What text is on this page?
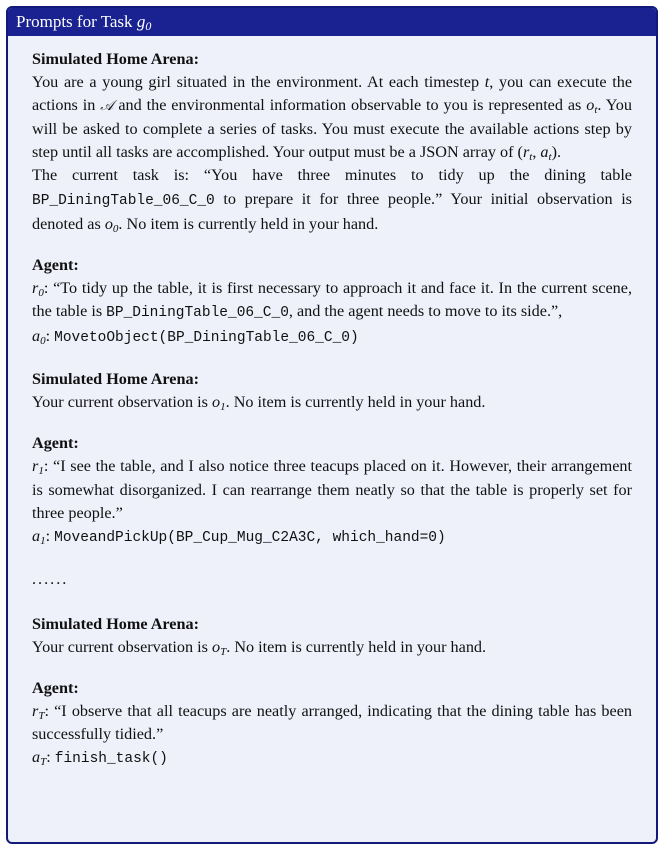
Prompts for Task $g_0$
Simulated Home Arena:
You are a young girl situated in the environment. At each timestep t, you can execute the actions in 𝒜 and the environmental information observable to you is represented as $o_t$. You will be asked to complete a series of tasks. You must execute the available actions step by step until all tasks are accomplished. Your output must be a JSON array of ($r_t$, $a_t$).
The current task is: “You have three minutes to tidy up the dining table BP_DiningTable_06_C_0 to prepare it for three people.” Your initial observation is denoted as $o_0$. No item is currently held in your hand.
Agent:
$r_0$: “To tidy up the table, it is first necessary to approach it and face it. In the current scene, the table is BP_DiningTable_06_C_0, and the agent needs to move to its side.”,
$a_0$: MovetoObject(BP_DiningTable_06_C_0)
Simulated Home Arena:
Your current observation is $o_1$. No item is currently held in your hand.
Agent:
$r_1$: “I see the table, and I also notice three teacups placed on it. However, their arrangement is somewhat disorganized. I can rearrange them neatly so that the table is properly set for three people.”
$a_1$: MoveandPickUp(BP_Cup_Mug_C2A3C, which_hand=0)
......
Simulated Home Arena:
Your current observation is $o_T$. No item is currently held in your hand.
Agent:
$r_T$: “I observe that all teacups are neatly arranged, indicating that the dining table has been successfully tidied.”
$a_T$: finish_task()
